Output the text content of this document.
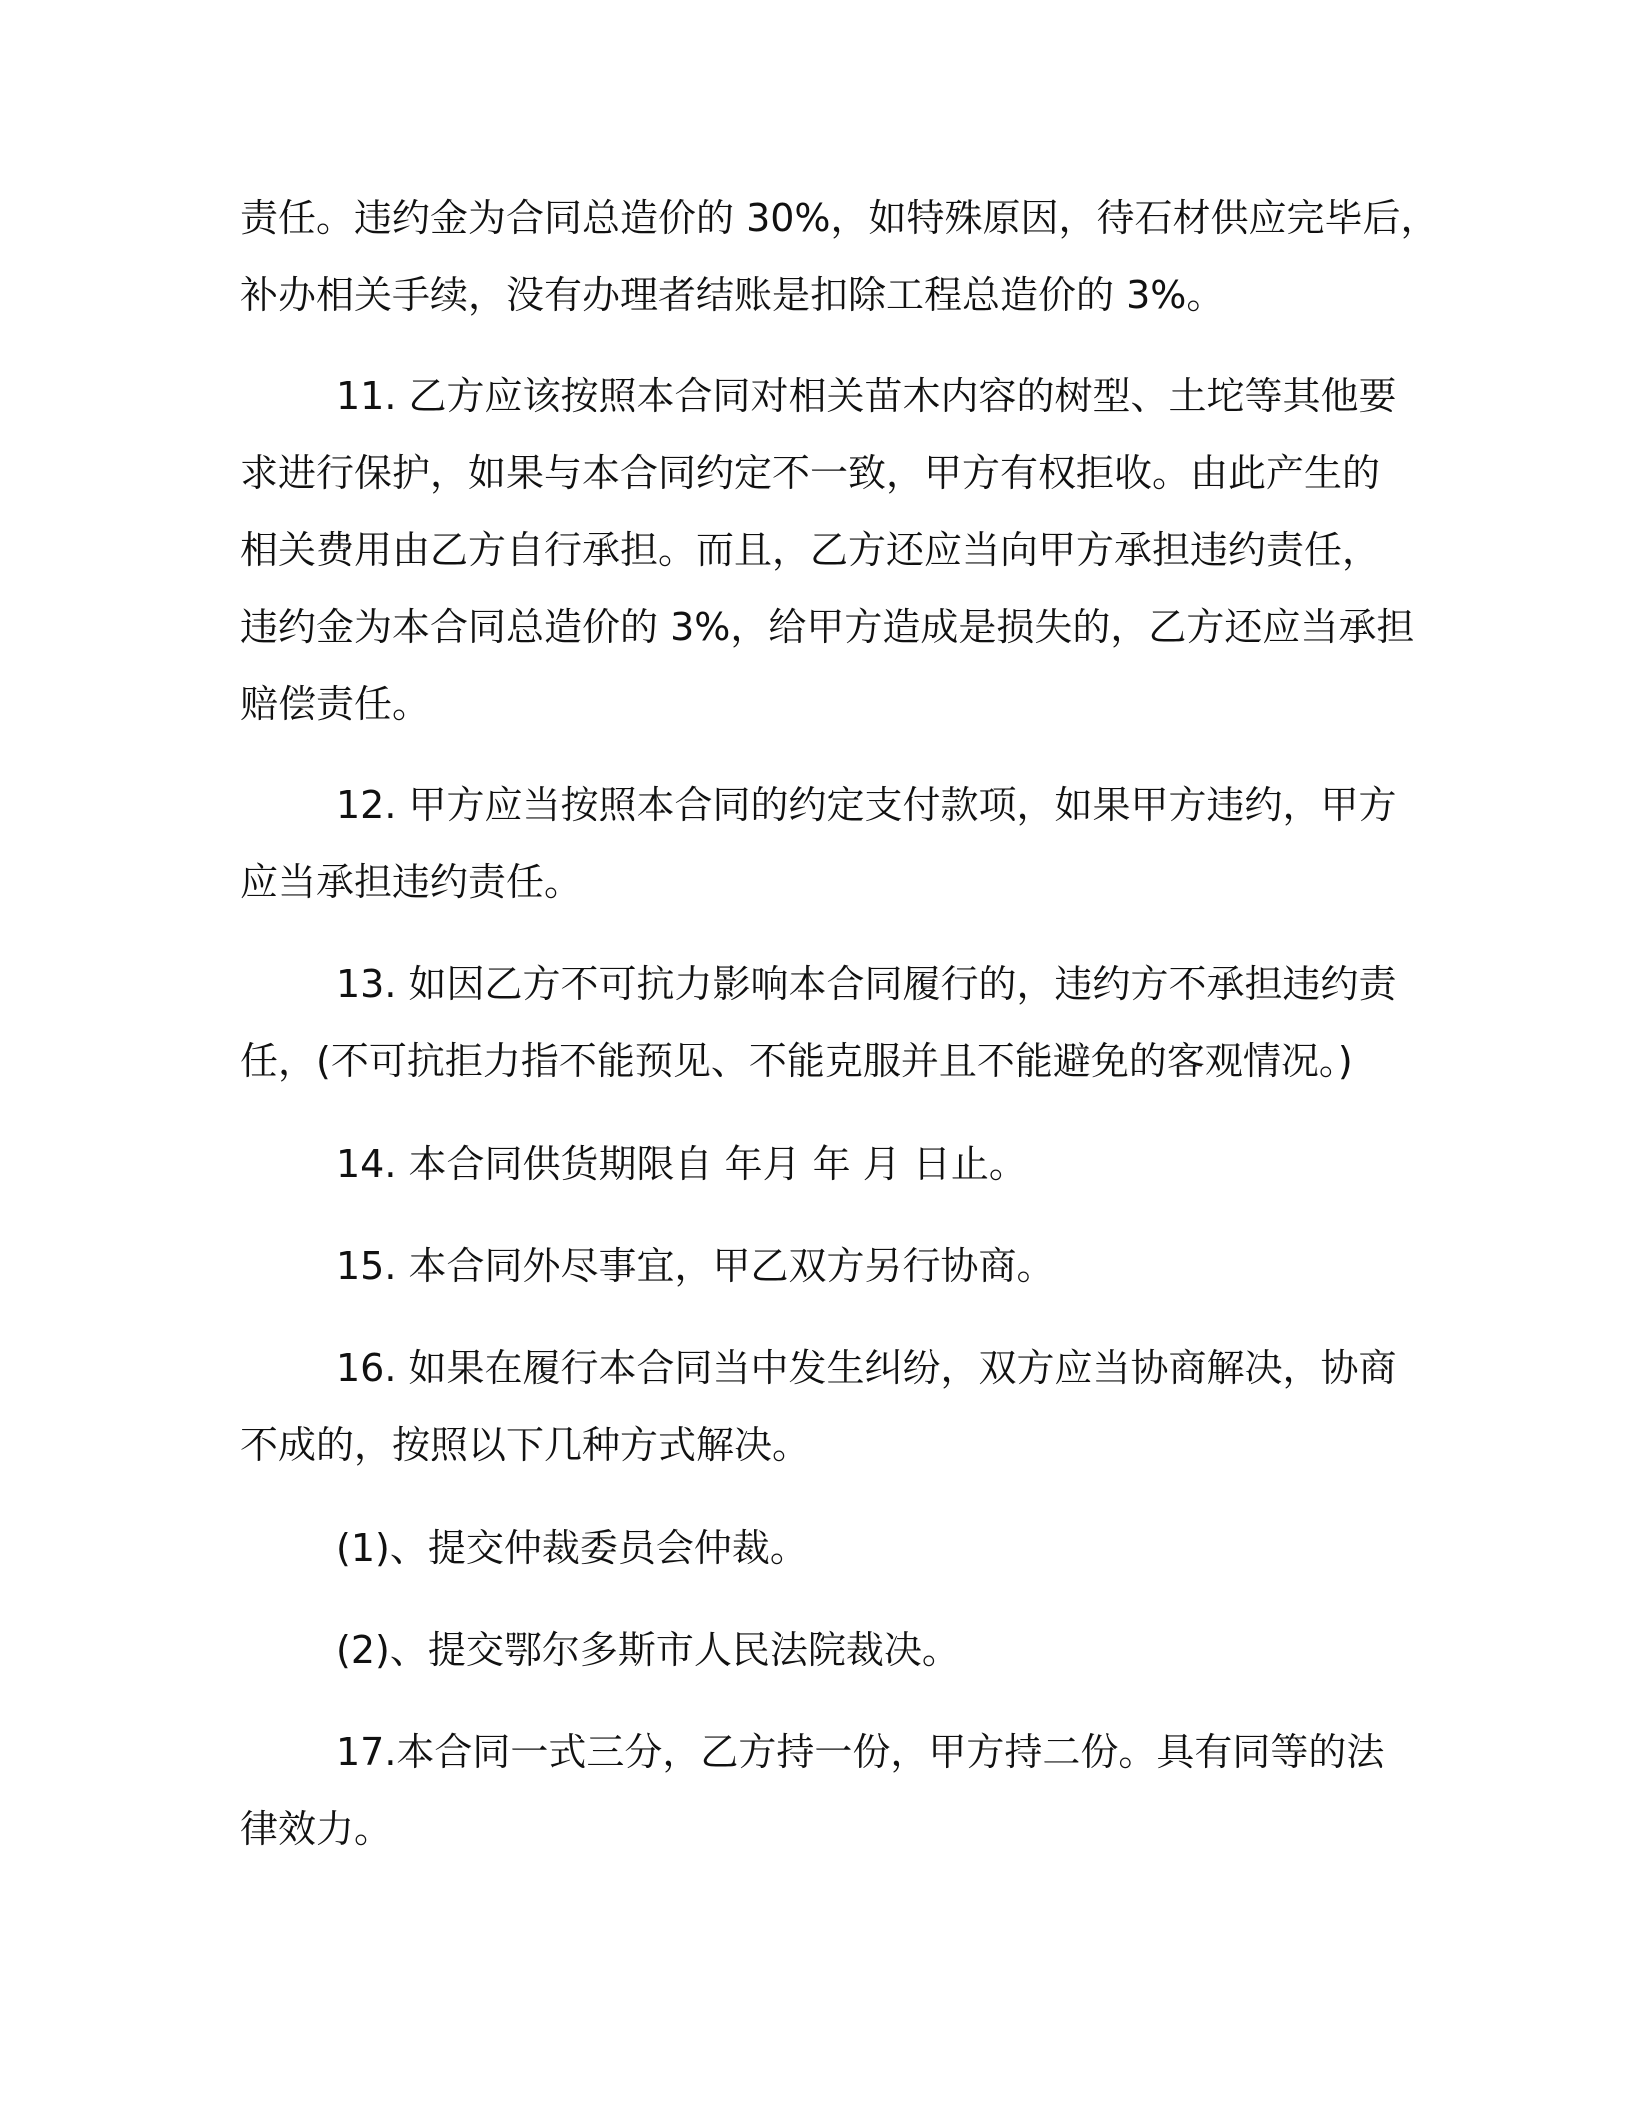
责任。违约金为合同总造价的 30%，如特殊原因，待石材供应完毕后，

补办相关手续，没有办理者结账是扣除工程总造价的 3%。

11. 乙方应该按照本合同对相关苗木内容的树型、土坨等其他要

求进行保护，如果与本合同约定不一致，甲方有权拒收。由此产生的

相关费用由乙方自行承担。而且，乙方还应当向甲方承担违约责任，

违约金为本合同总造价的 3%，给甲方造成是损失的，乙方还应当承担

赔偿责任。

12. 甲方应当按照本合同的约定支付款项，如果甲方违约，甲方

应当承担违约责任。

13. 如因乙方不可抗力影响本合同履行的，违约方不承担违约责

任，(不可抗拒力指不能预见、不能克服并且不能避免的客观情况。)

14. 本合同供货期限自 年月 年 月 日止。

15. 本合同外尽事宜，甲乙双方另行协商。

16. 如果在履行本合同当中发生纠纷，双方应当协商解决，协商

不成的，按照以下几种方式解决。

(1)、提交仲裁委员会仲裁。

(2)、提交鄂尔多斯市人民法院裁决。

17.本合同一式三分，乙方持一份，甲方持二份。具有同等的法

律效力。
